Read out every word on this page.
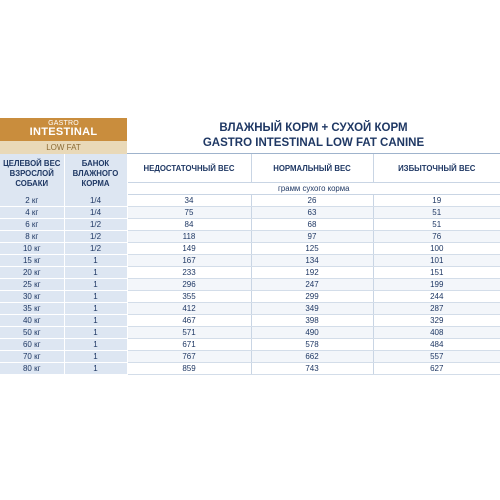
GASTRO
INTESTINAL
LOW FAT
ВЛАЖНЫЙ КОРМ + СУХОЙ КОРМ
GASTRO INTESTINAL LOW FAT CANINE
ЦЕЛЕВОЙ ВЕС ВЗРОСЛОЙ СОБАКИ	БАНОК ВЛАЖНОГО КОРМА	НЕДОСТАТОЧНЫЙ ВЕС	НОРМАЛЬНЫЙ ВЕС	ИЗБЫТОЧНЫЙ ВЕС
		грамм сухого корма		
2 кг	1/4	34	26	19
4 кг	1/4	75	63	51
6 кг	1/2	84	68	51
8 кг	1/2	118	97	76
10 кг	1/2	149	125	100
15 кг	1	167	134	101
20 кг	1	233	192	151
25 кг	1	296	247	199
30 кг	1	355	299	244
35 кг	1	412	349	287
40 кг	1	467	398	329
50 кг	1	571	490	408
60 кг	1	671	578	484
70 кг	1	767	662	557
80 кг	1	859	743	627
